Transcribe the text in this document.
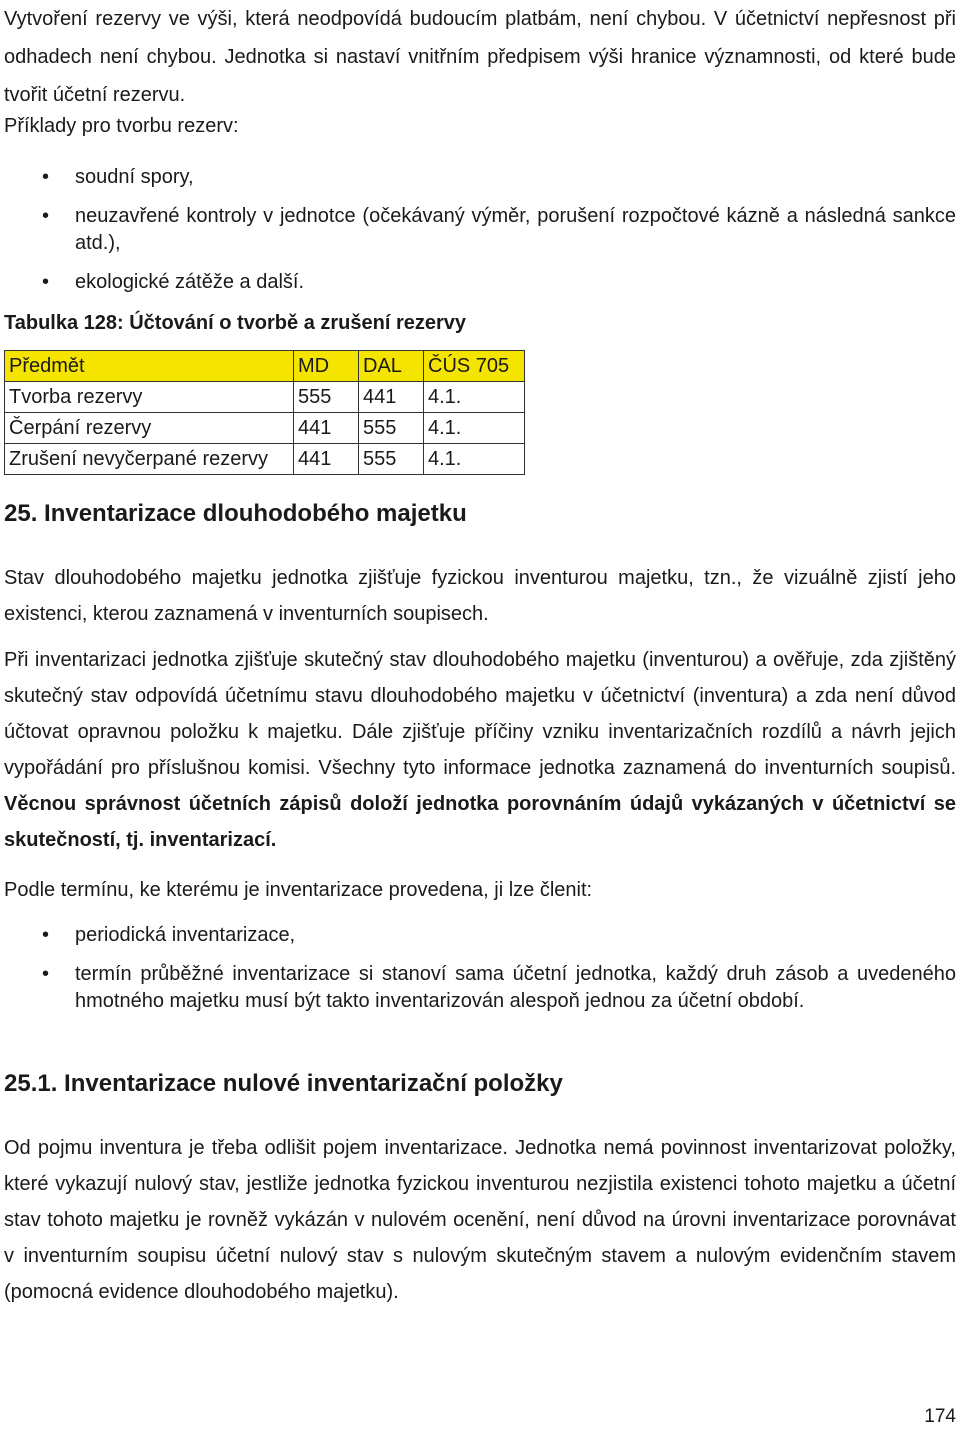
Vytvoření rezervy ve výši, která neodpovídá budoucím platbám, není chybou. V účetnictví nepřesnost při odhadech není chybou. Jednotka si nastaví vnitřním předpisem výši hranice významnosti, od které bude tvořit účetní rezervu.

Příklady pro tvorbu rezerv:

• soudní spory,
• neuzavřené kontroly v jednotce (očekávaný výměr, porušení rozpočtové kázně a následná sankce atd.),
• ekologické zátěže a další.

Tabulka 128: Účtování o tvorbě a zrušení rezervy

Předmět	MD	DAL	ČÚS 705
Tvorba rezervy	555	441	4.1.
Čerpání rezervy	441	555	4.1.
Zrušení nevyčerpané rezervy	441	555	4.1.
25. Inventarizace dlouhodobého majetku

Stav dlouhodobého majetku jednotka zjišťuje fyzickou inventurou majetku, tzn., že vizuálně zjistí jeho existenci, kterou zaznamená v inventurních soupisech.

Při inventarizaci jednotka zjišťuje skutečný stav dlouhodobého majetku (inventurou) a ověřuje, zda zjištěný skutečný stav odpovídá účetnímu stavu dlouhodobého majetku v účetnictví (inventura) a zda není důvod účtovat opravnou položku k majetku. Dále zjišťuje příčiny vzniku inventarizačních rozdílů a návrh jejich vypořádání pro příslušnou komisi. Všechny tyto informace jednotka zaznamená do inventurních soupisů. Věcnou správnost účetních zápisů doloží jednotka porovnáním údajů vykázaných v účetnictví se skutečností, tj. inventarizací.

Podle termínu, ke kterému je inventarizace provedena, ji lze členit:

• periodická inventarizace,
• termín průběžné inventarizace si stanoví sama účetní jednotka, každý druh zásob a uvedeného hmotného majetku musí být takto inventarizován alespoň jednou za účetní období.
25.1. Inventarizace nulové inventarizační položky

Od pojmu inventura je třeba odlišit pojem inventarizace. Jednotka nemá povinnost inventarizovat položky, které vykazují nulový stav, jestliže jednotka fyzickou inventurou nezjistila existenci tohoto majetku a účetní stav tohoto majetku je rovněž vykázán v nulovém ocenění, není důvod na úrovni inventarizace porovnávat v inventurním soupisu účetní nulový stav s nulovým skutečným stavem a nulovým evidenčním stavem (pomocná evidence dlouhodobého majetku).

174
